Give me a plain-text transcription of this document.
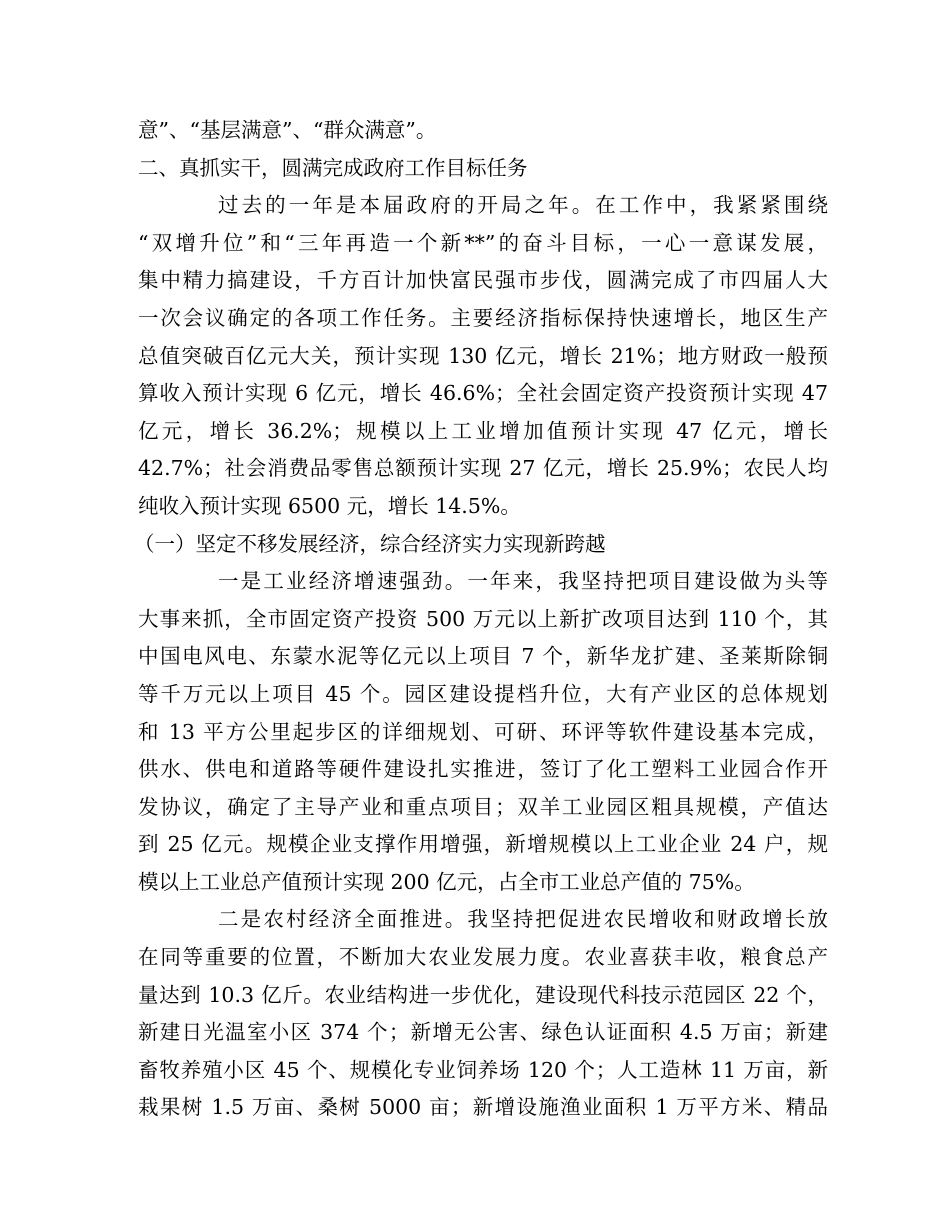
意”、“基层满意”、“群众满意”。
二、真抓实干，圆满完成政府工作目标任务
过去的一年是本届政府的开局之年。在工作中，我紧紧围绕
“双增升位”和“三年再造一个新**”的奋斗目标，一心一意谋发展，
集中精力搞建设，千方百计加快富民强市步伐，圆满完成了市四届人大
一次会议确定的各项工作任务。主要经济指标保持快速增长，地区生产
总值突破百亿元大关，预计实现 130 亿元，增长 21%；地方财政一般预
算收入预计实现 6 亿元，增长 46.6%；全社会固定资产投资预计实现 47
亿元，增长 36.2%；规模以上工业增加值预计实现 47 亿元，增长
42.7%；社会消费品零售总额预计实现 27 亿元，增长 25.9%；农民人均
纯收入预计实现 6500 元，增长 14.5%。
（一）坚定不移发展经济，综合经济实力实现新跨越
一是工业经济增速强劲。一年来，我坚持把项目建设做为头等
大事来抓，全市固定资产投资 500 万元以上新扩改项目达到 110 个，其
中国电风电、东蒙水泥等亿元以上项目 7 个，新华龙扩建、圣莱斯除铜
等千万元以上项目 45 个。园区建设提档升位，大有产业区的总体规划
和 13 平方公里起步区的详细规划、可研、环评等软件建设基本完成，
供水、供电和道路等硬件建设扎实推进，签订了化工塑料工业园合作开
发协议，确定了主导产业和重点项目；双羊工业园区粗具规模，产值达
到 25 亿元。规模企业支撑作用增强，新增规模以上工业企业 24 户，规
模以上工业总产值预计实现 200 亿元，占全市工业总产值的 75%。
二是农村经济全面推进。我坚持把促进农民增收和财政增长放
在同等重要的位置，不断加大农业发展力度。农业喜获丰收，粮食总产
量达到 10.3 亿斤。农业结构进一步优化，建设现代科技示范园区 22 个，
新建日光温室小区 374 个；新增无公害、绿色认证面积 4.5 万亩；新建
畜牧养殖小区 45 个、规模化专业饲养场 120 个；人工造林 11 万亩，新
栽果树 1.5 万亩、桑树 5000 亩；新增设施渔业面积 1 万平方米、精品
